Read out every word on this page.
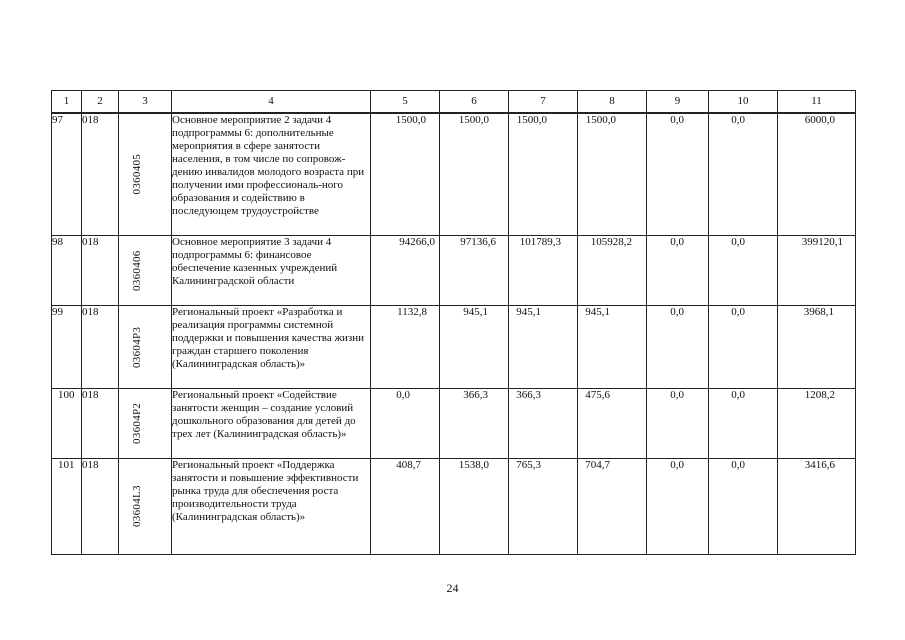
1	2	3	4	5	6	7	8	9	10	11
97	018	0360405	Основное мероприятие 2 задачи 4 подпрограммы 6: дополнительные мероприятия в сфере занятости населения, в том числе по сопровож-дению инвалидов молодого возраста при получении ими профессиональ-ного образования и содействию в последующем трудоустройстве	1500,0	1500,0	1500,0	1500,0	0,0	0,0	6000,0
98	018	0360406	Основное мероприятие 3 задачи 4 подпрограммы 6: финансовое обеспечение казенных учреждений Калининградской области	94266,0	97136,6	101789,3	105928,2	0,0	0,0	399120,1
99	018	03604P3	Региональный проект «Разработка и реализация программы системной поддержки и повышения качества жизни граждан старшего поколения (Калининградская область)»	1132,8	945,1	945,1	945,1	0,0	0,0	3968,1
100	018	03604P2	Региональный проект «Содействие занятости женщин – создание условий дошкольного образования для детей до трех лет (Калининградская область)»	0,0	366,3	366,3	475,6	0,0	0,0	1208,2
101	018	03604L3	Региональный проект «Поддержка занятости и повышение эффективности рынка труда для обеспечения роста производительности труда (Калининградская область)»	408,7	1538,0	765,3	704,7	0,0	0,0	3416,6
24
